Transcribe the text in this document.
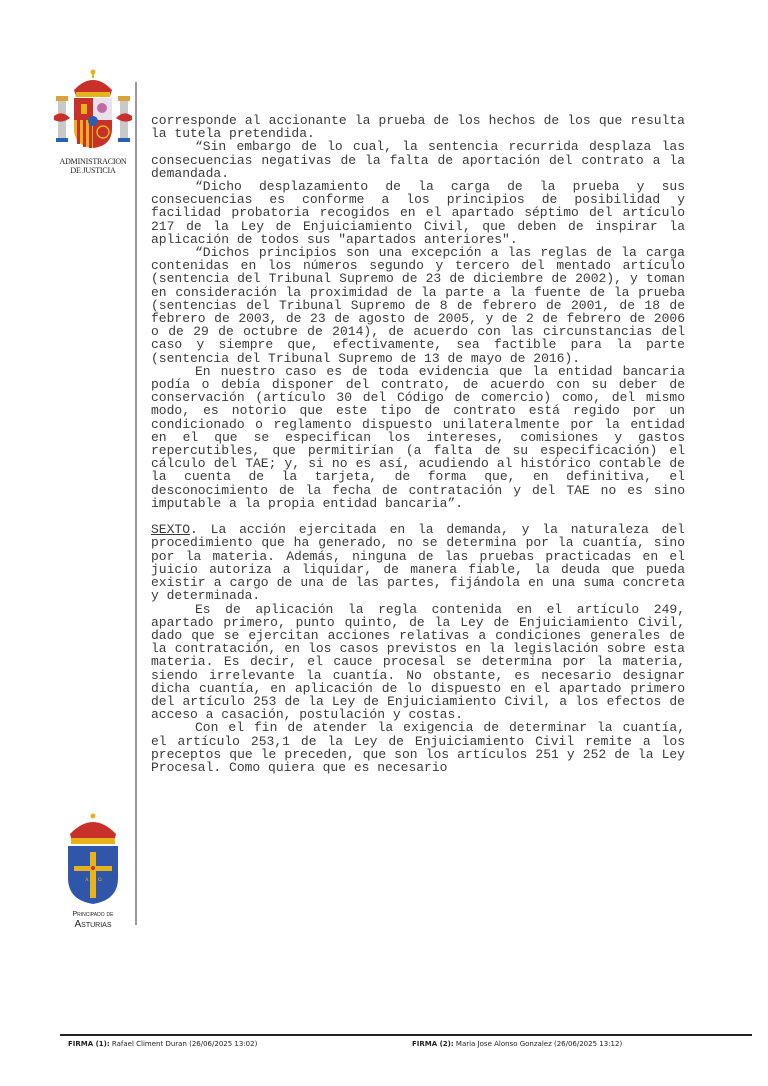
ADMINISTRACION
DE JUSTICIA
A Ω
Principado de
Asturias

corresponde al accionante la prueba de los hechos de los que resulta la tutela pretendida.

“Sin embargo de lo cual, la sentencia recurrida desplaza las consecuencias negativas de la falta de aportación del contrato a la demandada.

“Dicho desplazamiento de la carga de la prueba y sus consecuencias es conforme a los principios de posibilidad y facilidad probatoria recogidos en el apartado séptimo del artículo 217 de la Ley de Enjuiciamiento Civil, que deben de inspirar la aplicación de todos sus "apartados anteriores".

“Dichos principios son una excepción a las reglas de la carga contenidas en los números segundo y tercero del mentado artículo (sentencia del Tribunal Supremo de 23 de diciembre de 2002), y toman en consideración la proximidad de la parte a la fuente de la prueba (sentencias del Tribunal Supremo de 8 de febrero de 2001, de 18 de febrero de 2003, de 23 de agosto de 2005, y de 2 de febrero de 2006 o de 29 de octubre de 2014), de acuerdo con las circunstancias del caso y siempre que, efectivamente, sea factible para la parte (sentencia del Tribunal Supremo de 13 de mayo de 2016).

En nuestro caso es de toda evidencia que la entidad bancaria podía o debía disponer del contrato, de acuerdo con su deber de conservación (artículo 30 del Código de comercio) como, del mismo modo, es notorio que este tipo de contrato está regido por un condicionado o reglamento dispuesto unilateralmente por la entidad en el que se especifican los intereses, comisiones y gastos repercutibles, que permitirían (a falta de su especificación) el cálculo del TAE; y, si no es así, acudiendo al histórico contable de la cuenta de la tarjeta, de forma que, en definitiva, el desconocimiento de la fecha de contratación y del TAE no es sino imputable a la propia entidad bancaria”.

SEXTO. La acción ejercitada en la demanda, y la naturaleza del procedimiento que ha generado, no se determina por la cuantía, sino por la materia. Además, ninguna de las pruebas practicadas en el juicio autoriza a liquidar, de manera fiable, la deuda que pueda existir a cargo de una de las partes, fijándola en una suma concreta y determinada.

Es de aplicación la regla contenida en el artículo 249, apartado primero, punto quinto, de la Ley de Enjuiciamiento Civil, dado que se ejercitan acciones relativas a condiciones generales de la contratación, en los casos previstos en la legislación sobre esta materia. Es decir, el cauce procesal se determina por la materia, siendo irrelevante la cuantía. No obstante, es necesario designar dicha cuantía, en aplicación de lo dispuesto en el apartado primero del artículo 253 de la Ley de Enjuiciamiento Civil, a los efectos de acceso a casación, postulación y costas.

Con el fin de atender la exigencia de determinar la cuantía, el artículo 253,1 de la Ley de Enjuiciamiento Civil remite a los preceptos que le preceden, que son los artículos 251 y 252 de la Ley Procesal. Como quiera que es necesario

FIRMA (1): Rafael Climent Duran (26/06/2025 13:02)	FIRMA (2): Maria Jose Alonso Gonzalez (26/06/2025 13:12)
